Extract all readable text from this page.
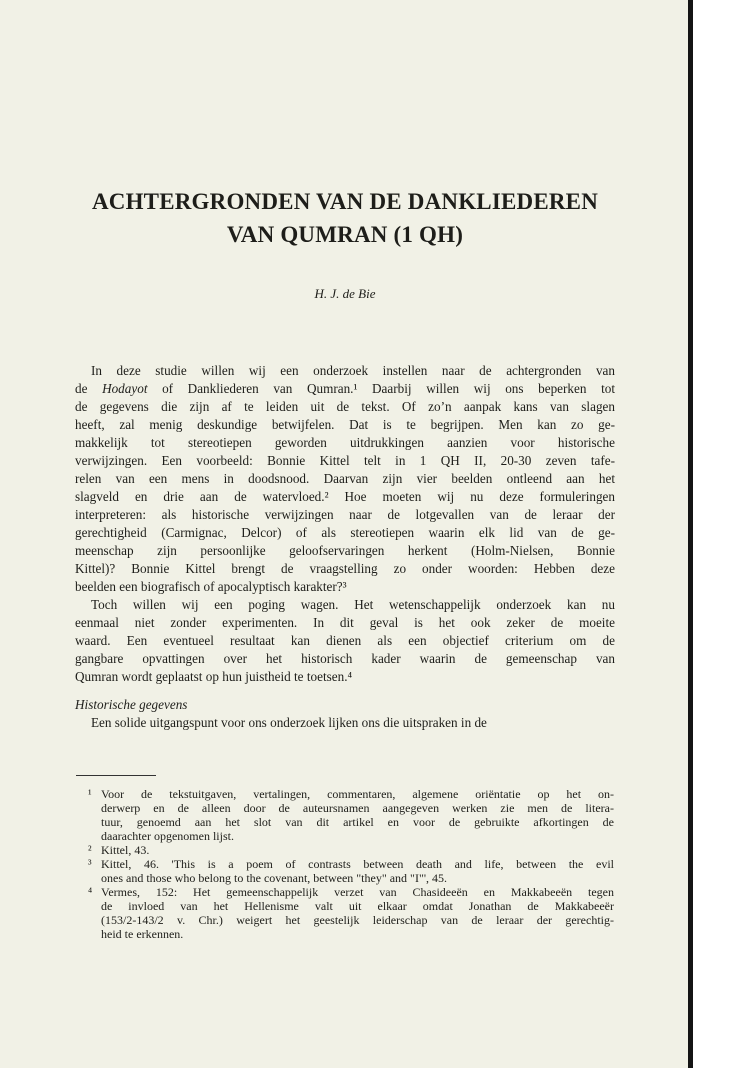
ACHTERGRONDEN VAN DE DANKLIEDEREN
VAN QUMRAN (1 QH)
H. J. de Bie
In deze studie willen wij een onderzoek instellen naar de achtergronden van
de Hodayot of Dankliederen van Qumran.¹ Daarbij willen wij ons beperken tot
de gegevens die zijn af te leiden uit de tekst. Of zo’n aanpak kans van slagen
heeft, zal menig deskundige betwijfelen. Dat is te begrijpen. Men kan zo ge-
makkelijk tot stereotiepen geworden uitdrukkingen aanzien voor historische
verwijzingen. Een voorbeeld: Bonnie Kittel telt in 1 QH II, 20-30 zeven tafe-
relen van een mens in doodsnood. Daarvan zijn vier beelden ontleend aan het
slagveld en drie aan de watervloed.² Hoe moeten wij nu deze formuleringen
interpreteren: als historische verwijzingen naar de lotgevallen van de leraar der
gerechtigheid (Carmignac, Delcor) of als stereotiepen waarin elk lid van de ge-
meenschap zijn persoonlijke geloofservaringen herkent (Holm-Nielsen, Bonnie
Kittel)? Bonnie Kittel brengt de vraagstelling zo onder woorden: Hebben deze
beelden een biografisch of apocalyptisch karakter?³
Toch willen wij een poging wagen. Het wetenschappelijk onderzoek kan nu
eenmaal niet zonder experimenten. In dit geval is het ook zeker de moeite
waard. Een eventueel resultaat kan dienen als een objectief criterium om de
gangbare opvattingen over het historisch kader waarin de gemeenschap van
Qumran wordt geplaatst op hun juistheid te toetsen.⁴
Historische gegevens
Een solide uitgangspunt voor ons onderzoek lijken ons die uitspraken in de
¹ Voor de tekstuitgaven, vertalingen, commentaren, algemene oriëntatie op het on-
derwerp en de alleen door de auteursnamen aangegeven werken zie men de litera-
tuur, genoemd aan het slot van dit artikel en voor de gebruikte afkortingen de
daarachter opgenomen lijst.
² Kittel, 43.
³ Kittel, 46. 'This is a poem of contrasts between death and life, between the evil
ones and those who belong to the covenant, between "they" and "I"', 45.
⁴ Vermes, 152: Het gemeenschappelijk verzet van Chasideeën en Makkabeeën tegen
de invloed van het Hellenisme valt uit elkaar omdat Jonathan de Makkabeeër
(153/2-143/2 v. Chr.) weigert het geestelijk leiderschap van de leraar der gerechtig-
heid te erkennen.
